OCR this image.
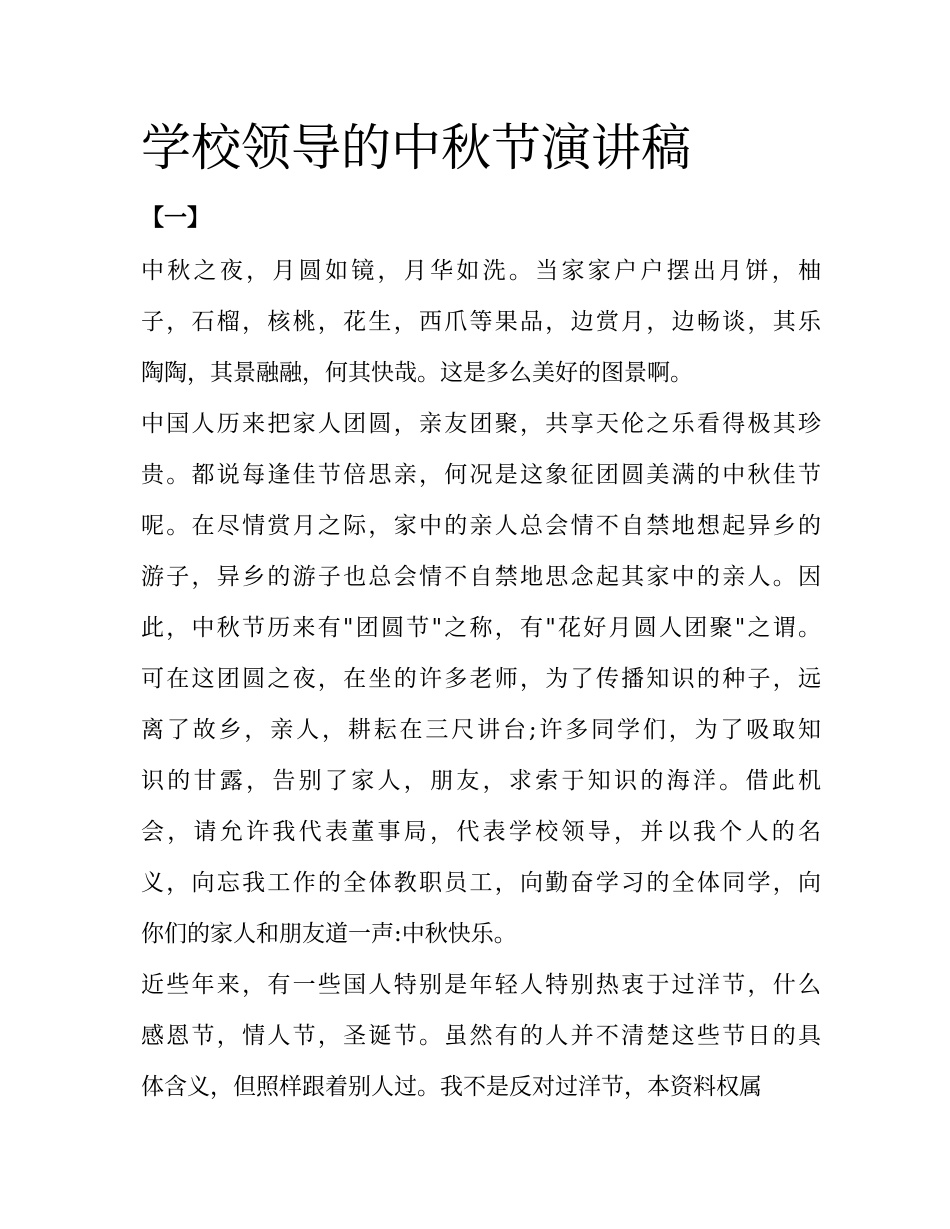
学校领导的中秋节演讲稿
【一】

中秋之夜，月圆如镜，月华如洗。当家家户户摆出月饼，柚
子，石榴，核桃，花生，西爪等果品，边赏月，边畅谈，其乐
陶陶，其景融融，何其快哉。这是多么美好的图景啊。

中国人历来把家人团圆，亲友团聚，共享天伦之乐看得极其珍
贵。都说每逢佳节倍思亲，何况是这象征团圆美满的中秋佳节
呢。在尽情赏月之际，家中的亲人总会情不自禁地想起异乡的
游子，异乡的游子也总会情不自禁地思念起其家中的亲人。因
此，中秋节历来有"团圆节"之称，有"花好月圆人团聚"之谓。
可在这团圆之夜，在坐的许多老师，为了传播知识的种子，远
离了故乡，亲人，耕耘在三尺讲台;许多同学们，为了吸取知
识的甘露，告别了家人，朋友，求索于知识的海洋。借此机
会，请允许我代表董事局，代表学校领导，并以我个人的名
义，向忘我工作的全体教职员工，向勤奋学习的全体同学，向
你们的家人和朋友道一声:中秋快乐。

近些年来，有一些国人特别是年轻人特别热衷于过洋节，什么
感恩节，情人节，圣诞节。虽然有的人并不清楚这些节日的具
体含义，但照样跟着别人过。我不是反对过洋节，本资料权属
